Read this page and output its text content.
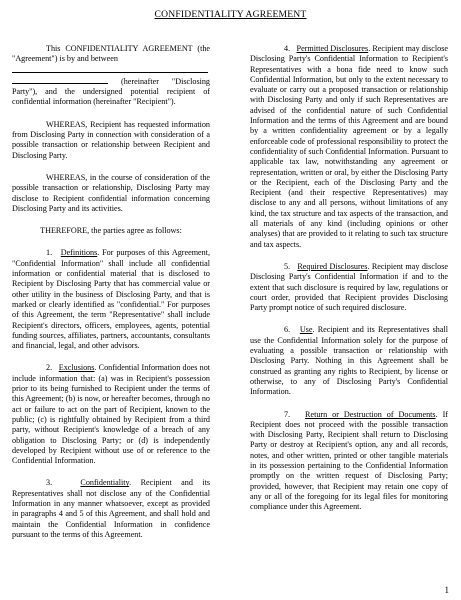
CONFIDENTIALITY AGREEMENT

This CONFIDENTIALITY AGREEMENT (the "Agreement") is by and between

(hereinafter "Disclosing Party"), and the undersigned potential recipient of confidential information (hereinafter "Recipient").

WHEREAS, Recipient has requested information from Disclosing Party in connection with consideration of a possible transaction or relationship between Recipient and Disclosing Party.

WHEREAS, in the course of consideration of the possible transaction or relationship, Disclosing Party may disclose to Recipient confidential information concerning Disclosing Party and its activities.

THEREFORE, the parties agree as follows:

1. Definitions. For purposes of this Agreement, "Confidential Information" shall include all confidential information or confidential material that is disclosed to Recipient by Disclosing Party that has commercial value or other utility in the business of Disclosing Party, and that is marked or clearly identified as "confidential." For purposes of this Agreement, the term "Representative" shall include Recipient's directors, officers, employees, agents, potential funding sources, affiliates, partners, accountants, consultants and financial, legal, and other advisors.

2. Exclusions. Confidential Information does not include information that: (a) was in Recipient's possession prior to its being furnished to Recipient under the terms of this Agreement; (b) is now, or hereafter becomes, through no act or failure to act on the part of Recipient, known to the public; (c) is rightfully obtained by Recipient from a third party, without Recipient's knowledge of a breach of any obligation to Disclosing Party; or (d) is independently developed by Recipient without use of or reference to the Confidential Information.

3.	Confidentiality. Recipient and its Representatives shall not disclose any of the Confidential Information in any manner whatsoever, except as provided in paragraphs 4 and 5 of this Agreement, and shall hold and maintain the Confidential Information in confidence pursuant to the terms of this Agreement.

4. Permitted Disclosures. Recipient may disclose Disclosing Party's Confidential Information to Recipient's Representatives with a bona fide need to know such Confidential Information, but only to the extent necessary to evaluate or carry out a proposed transaction or relationship with Disclosing Party and only if such Representatives are advised of the confidential nature of such Confidential Information and the terms of this Agreement and are bound by a written confidentiality agreement or by a legally enforceable code of professional responsibility to protect the confidentiality of such Confidential Information. Pursuant to applicable tax law, notwithstanding any agreement or representation, written or oral, by either the Disclosing Party or the Recipient, each of the Disclosing Party and the Recipient (and their respective Representatives) may disclose to any and all persons, without limitations of any kind, the tax structure and tax aspects of the transaction, and all materials of any kind (including opinions or other analyses) that are provided to it relating to such tax structure and tax aspects.

5. Required Disclosures. Recipient may disclose Disclosing Party's Confidential Information if and to the extent that such disclosure is required by law, regulations or court order, provided that Recipient provides Disclosing Party prompt notice of such required disclosure.

6. Use. Recipient and its Representatives shall use the Confidential Information solely for the purpose of evaluating a possible transaction or relationship with Disclosing Party. Nothing in this Agreement shall be construed as granting any rights to Recipient, by license or otherwise, to any of Disclosing Party's Confidential Information.

7. Return or Destruction of Documents. If Recipient does not proceed with the possible transaction with Disclosing Party, Recipient shall return to Disclosing Party or destroy at Recipient's option, any and all records, notes, and other written, printed or other tangible materials in its possession pertaining to the Confidential Information promptly on the written request of Disclosing Party; provided, however, that Recipient may retain one copy of any or all of the foregoing for its legal files for monitoring compliance under this Agreement.

1
